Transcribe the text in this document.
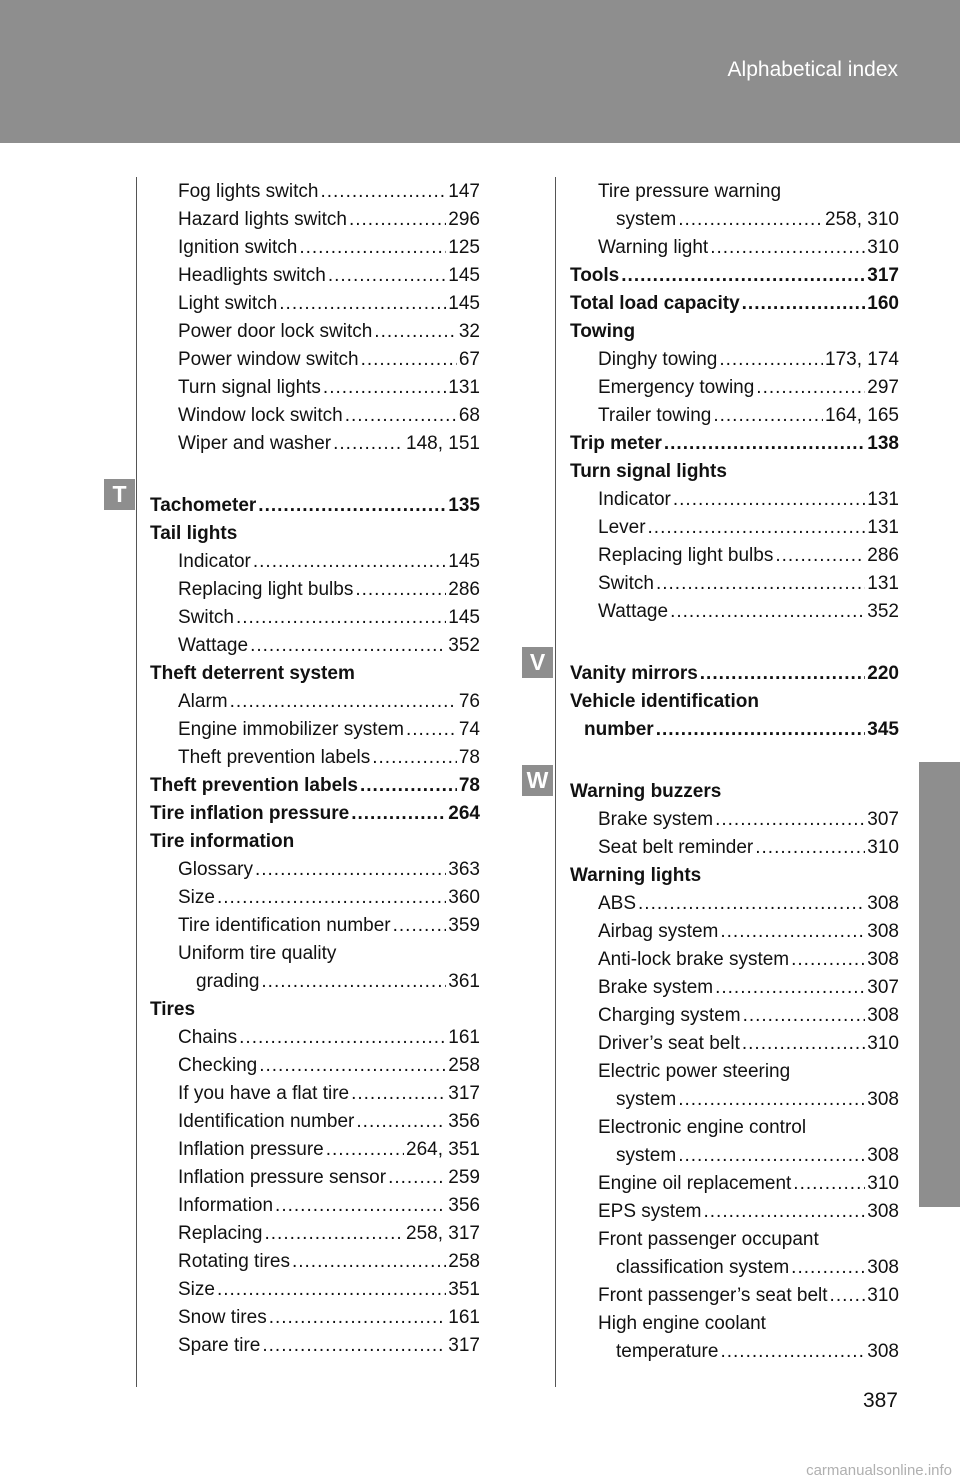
Alphabetical index
Fog lights switch .....	147
Hazard lights switch .....	296
Ignition switch .....	125
Headlights switch .....	145
Light switch .....	145
Power door lock switch .....	32
Power window switch .....	67
Turn signal lights .....	131
Window lock switch .....	68
Wiper and washer .....	148, 151
Tachometer .....	135
Tail lights
Indicator .....	145
Replacing light bulbs .....	286
Switch .....	145
Wattage .....	352
Theft deterrent system
Alarm .....	76
Engine immobilizer system .....	74
Theft prevention labels .....	78
Theft prevention labels .....	78
Tire inflation pressure .....	264
Tire information
Glossary .....	363
Size .....	360
Tire identification number .....	359
Uniform tire quality
grading .....	361
Tires
Chains .....	161
Checking .....	258
If you have a flat tire .....	317
Identification number .....	356
Inflation pressure .....	264, 351
Inflation pressure sensor .....	259
Information .....	356
Replacing .....	258, 317
Rotating tires .....	258
Size .....	351
Snow tires .....	161
Spare tire .....	317
Tire pressure warning
system .....	258, 310
Warning light .....	310
Tools .....	317
Total load capacity .....	160
Towing
Dinghy towing .....	173, 174
Emergency towing .....	297
Trailer towing .....	164, 165
Trip meter .....	138
Turn signal lights
Indicator .....	131
Lever .....	131
Replacing light bulbs .....	286
Switch .....	131
Wattage .....	352
Vanity mirrors .....	220
Vehicle identification
number .....	345
Warning buzzers
Brake system .....	307
Seat belt reminder .....	310
Warning lights
ABS .....	308
Airbag system .....	308
Anti-lock brake system .....	308
Brake system .....	307
Charging system .....	308
Driver’s seat belt .....	310
Electric power steering
system .....	308
Electronic engine control
system .....	308
Engine oil replacement .....	310
EPS system .....	308
Front passenger occupant
classification system .....	308
Front passenger’s seat belt ..... 310
High engine coolant
temperature .....	308
T
V
W
387
carmanualsonline.info
